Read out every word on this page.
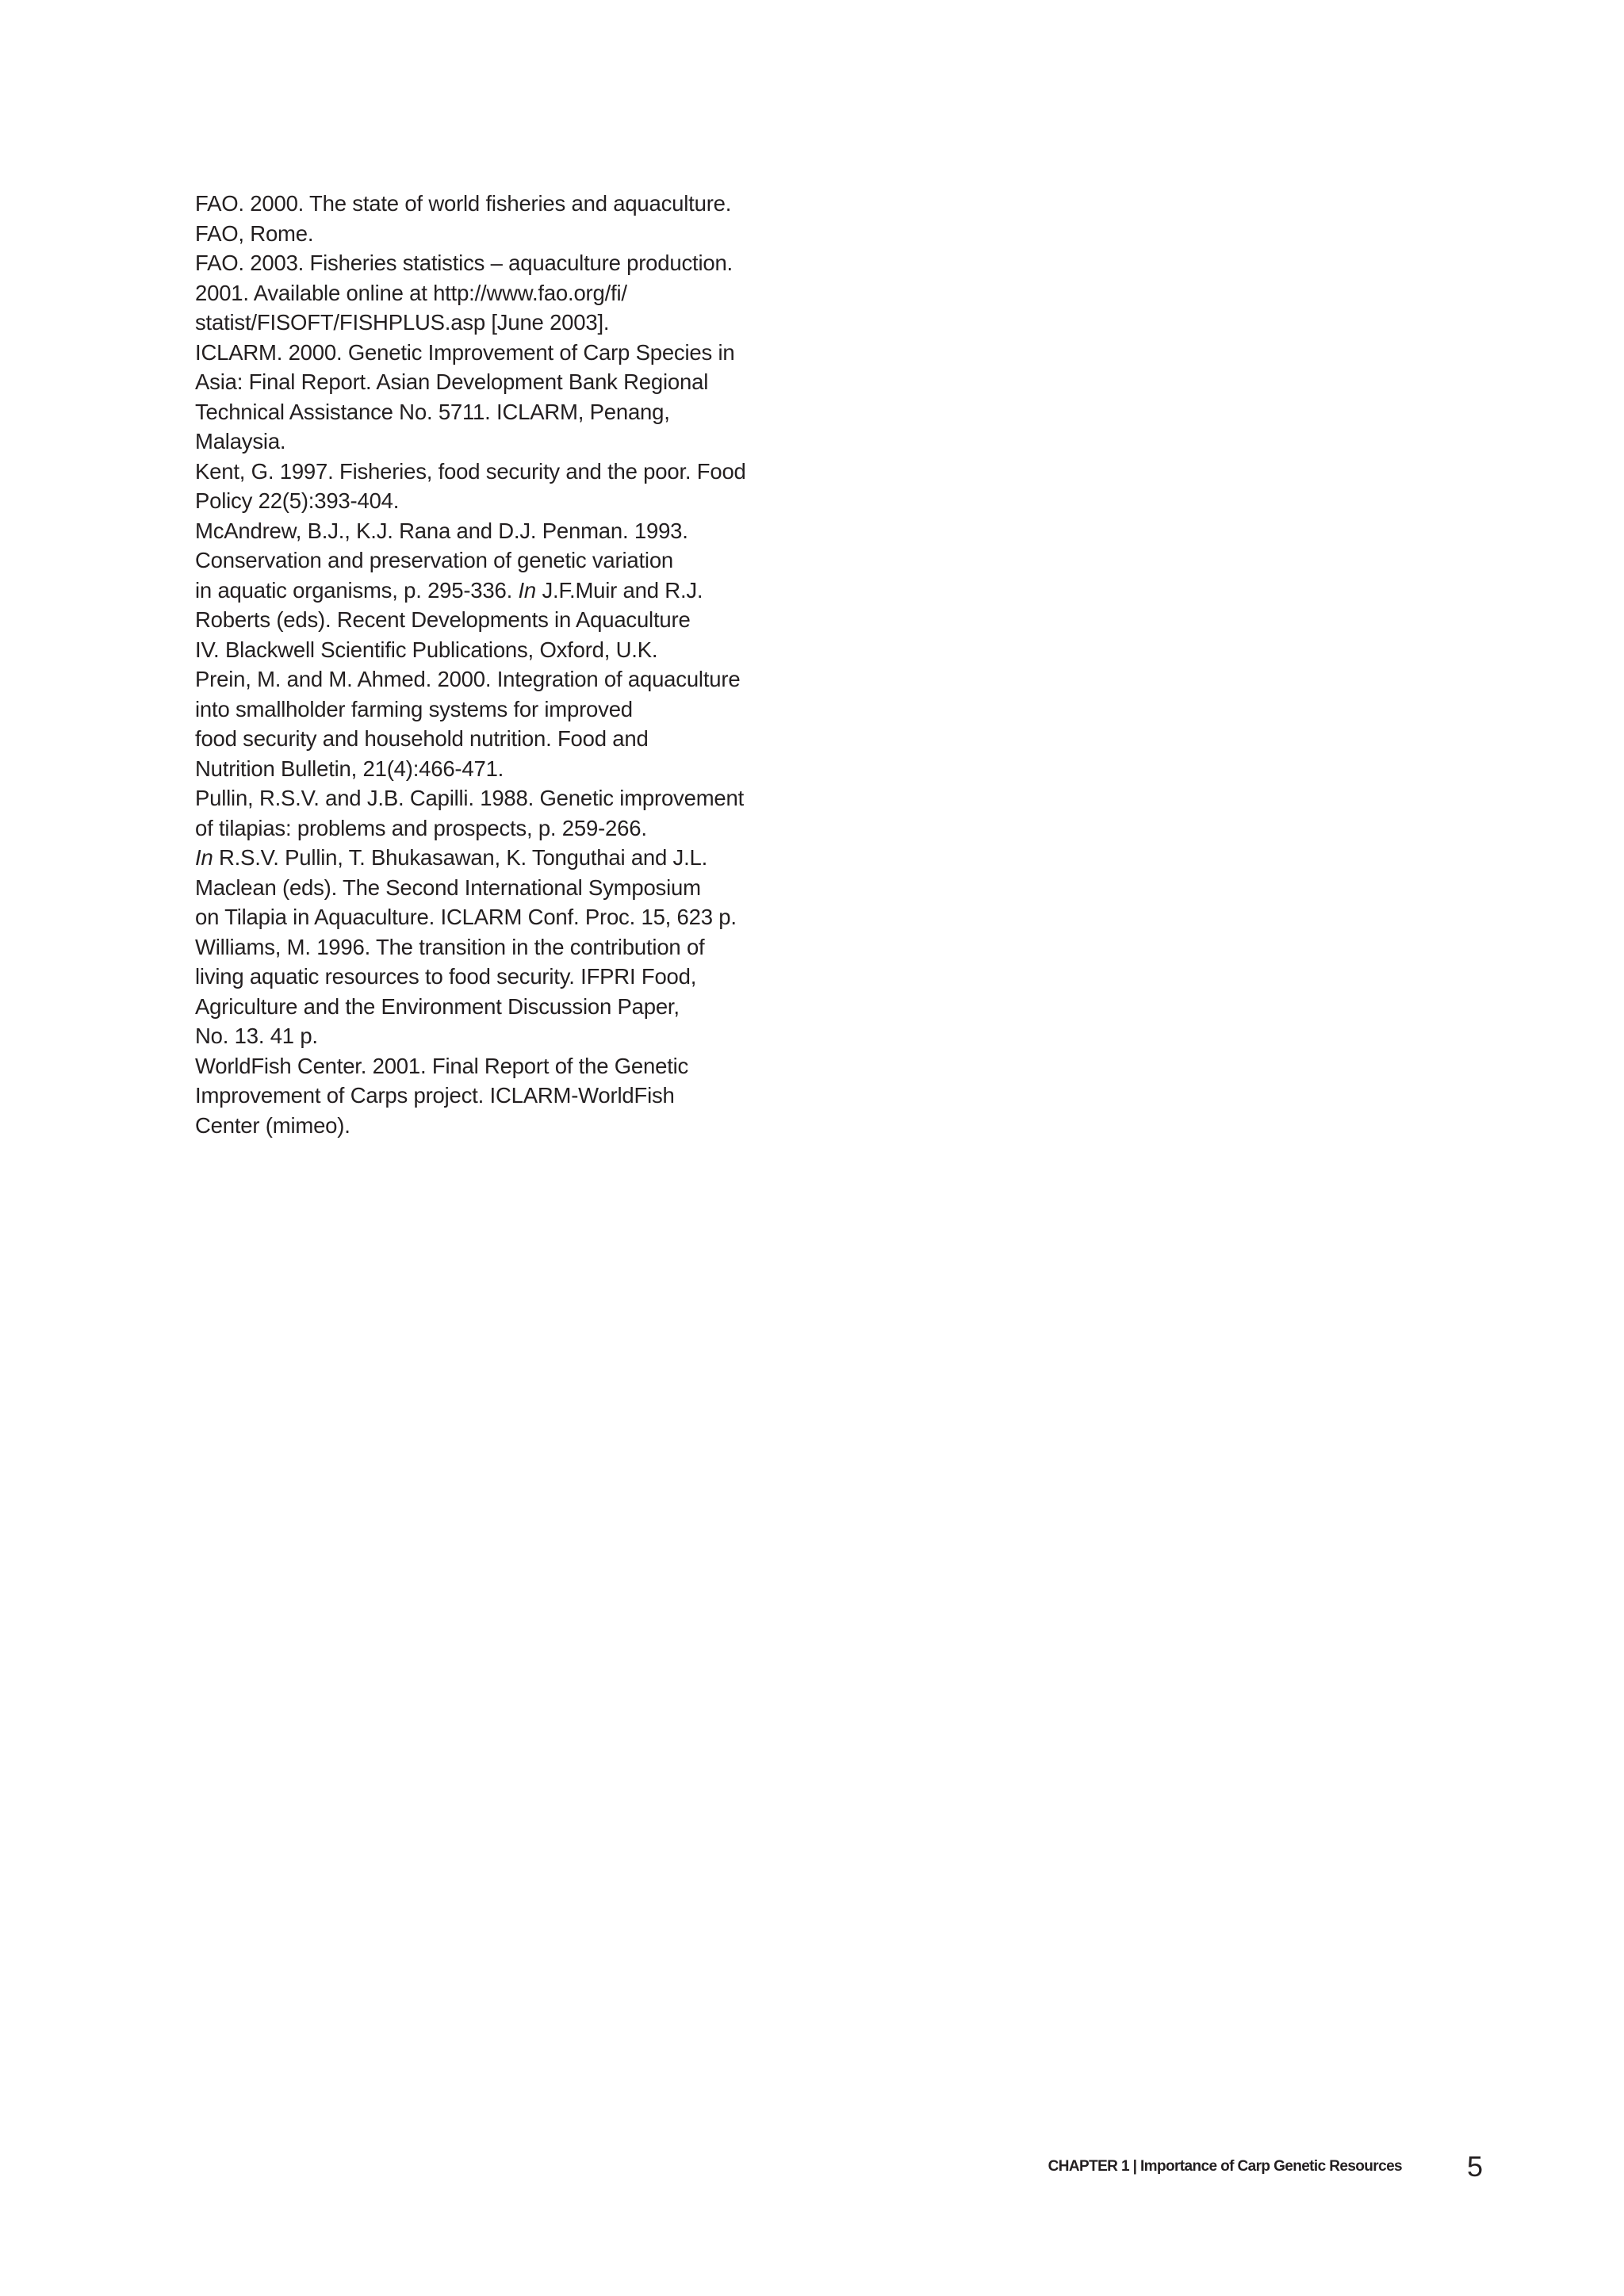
FAO. 2000. The state of world fisheries and aquaculture.
FAO, Rome.

FAO. 2003. Fisheries statistics – aquaculture production.
2001. Available online at http://www.fao.org/fi/
statist/FISOFT/FISHPLUS.asp [June 2003].

ICLARM. 2000. Genetic Improvement of Carp Species in
Asia: Final Report. Asian Development Bank Regional
Technical Assistance No. 5711. ICLARM, Penang,
Malaysia.

Kent, G. 1997. Fisheries, food security and the poor. Food
Policy 22(5):393-404.

McAndrew, B.J., K.J. Rana and D.J. Penman. 1993.
Conservation and preservation of genetic variation
in aquatic organisms, p. 295-336. In J.F.Muir and R.J.
Roberts (eds). Recent Developments in Aquaculture
IV. Blackwell Scientific Publications, Oxford, U.K.

Prein, M. and M. Ahmed. 2000. Integration of aquaculture
into smallholder farming systems for improved
food security and household nutrition. Food and
Nutrition Bulletin, 21(4):466-471.

Pullin, R.S.V. and J.B. Capilli. 1988. Genetic improvement
of tilapias: problems and prospects, p. 259-266.
In R.S.V. Pullin, T. Bhukasawan, K. Tonguthai and J.L.
Maclean (eds). The Second International Symposium
on Tilapia in Aquaculture. ICLARM Conf. Proc. 15, 623 p.

Williams, M. 1996. The transition in the contribution of
living aquatic resources to food security. IFPRI Food,
Agriculture and the Environment Discussion Paper,
No. 13. 41 p.

WorldFish Center. 2001. Final Report of the Genetic
Improvement of Carps project. ICLARM-WorldFish
Center (mimeo).

CHAPTER 1 | Importance of Carp Genetic Resources 5
